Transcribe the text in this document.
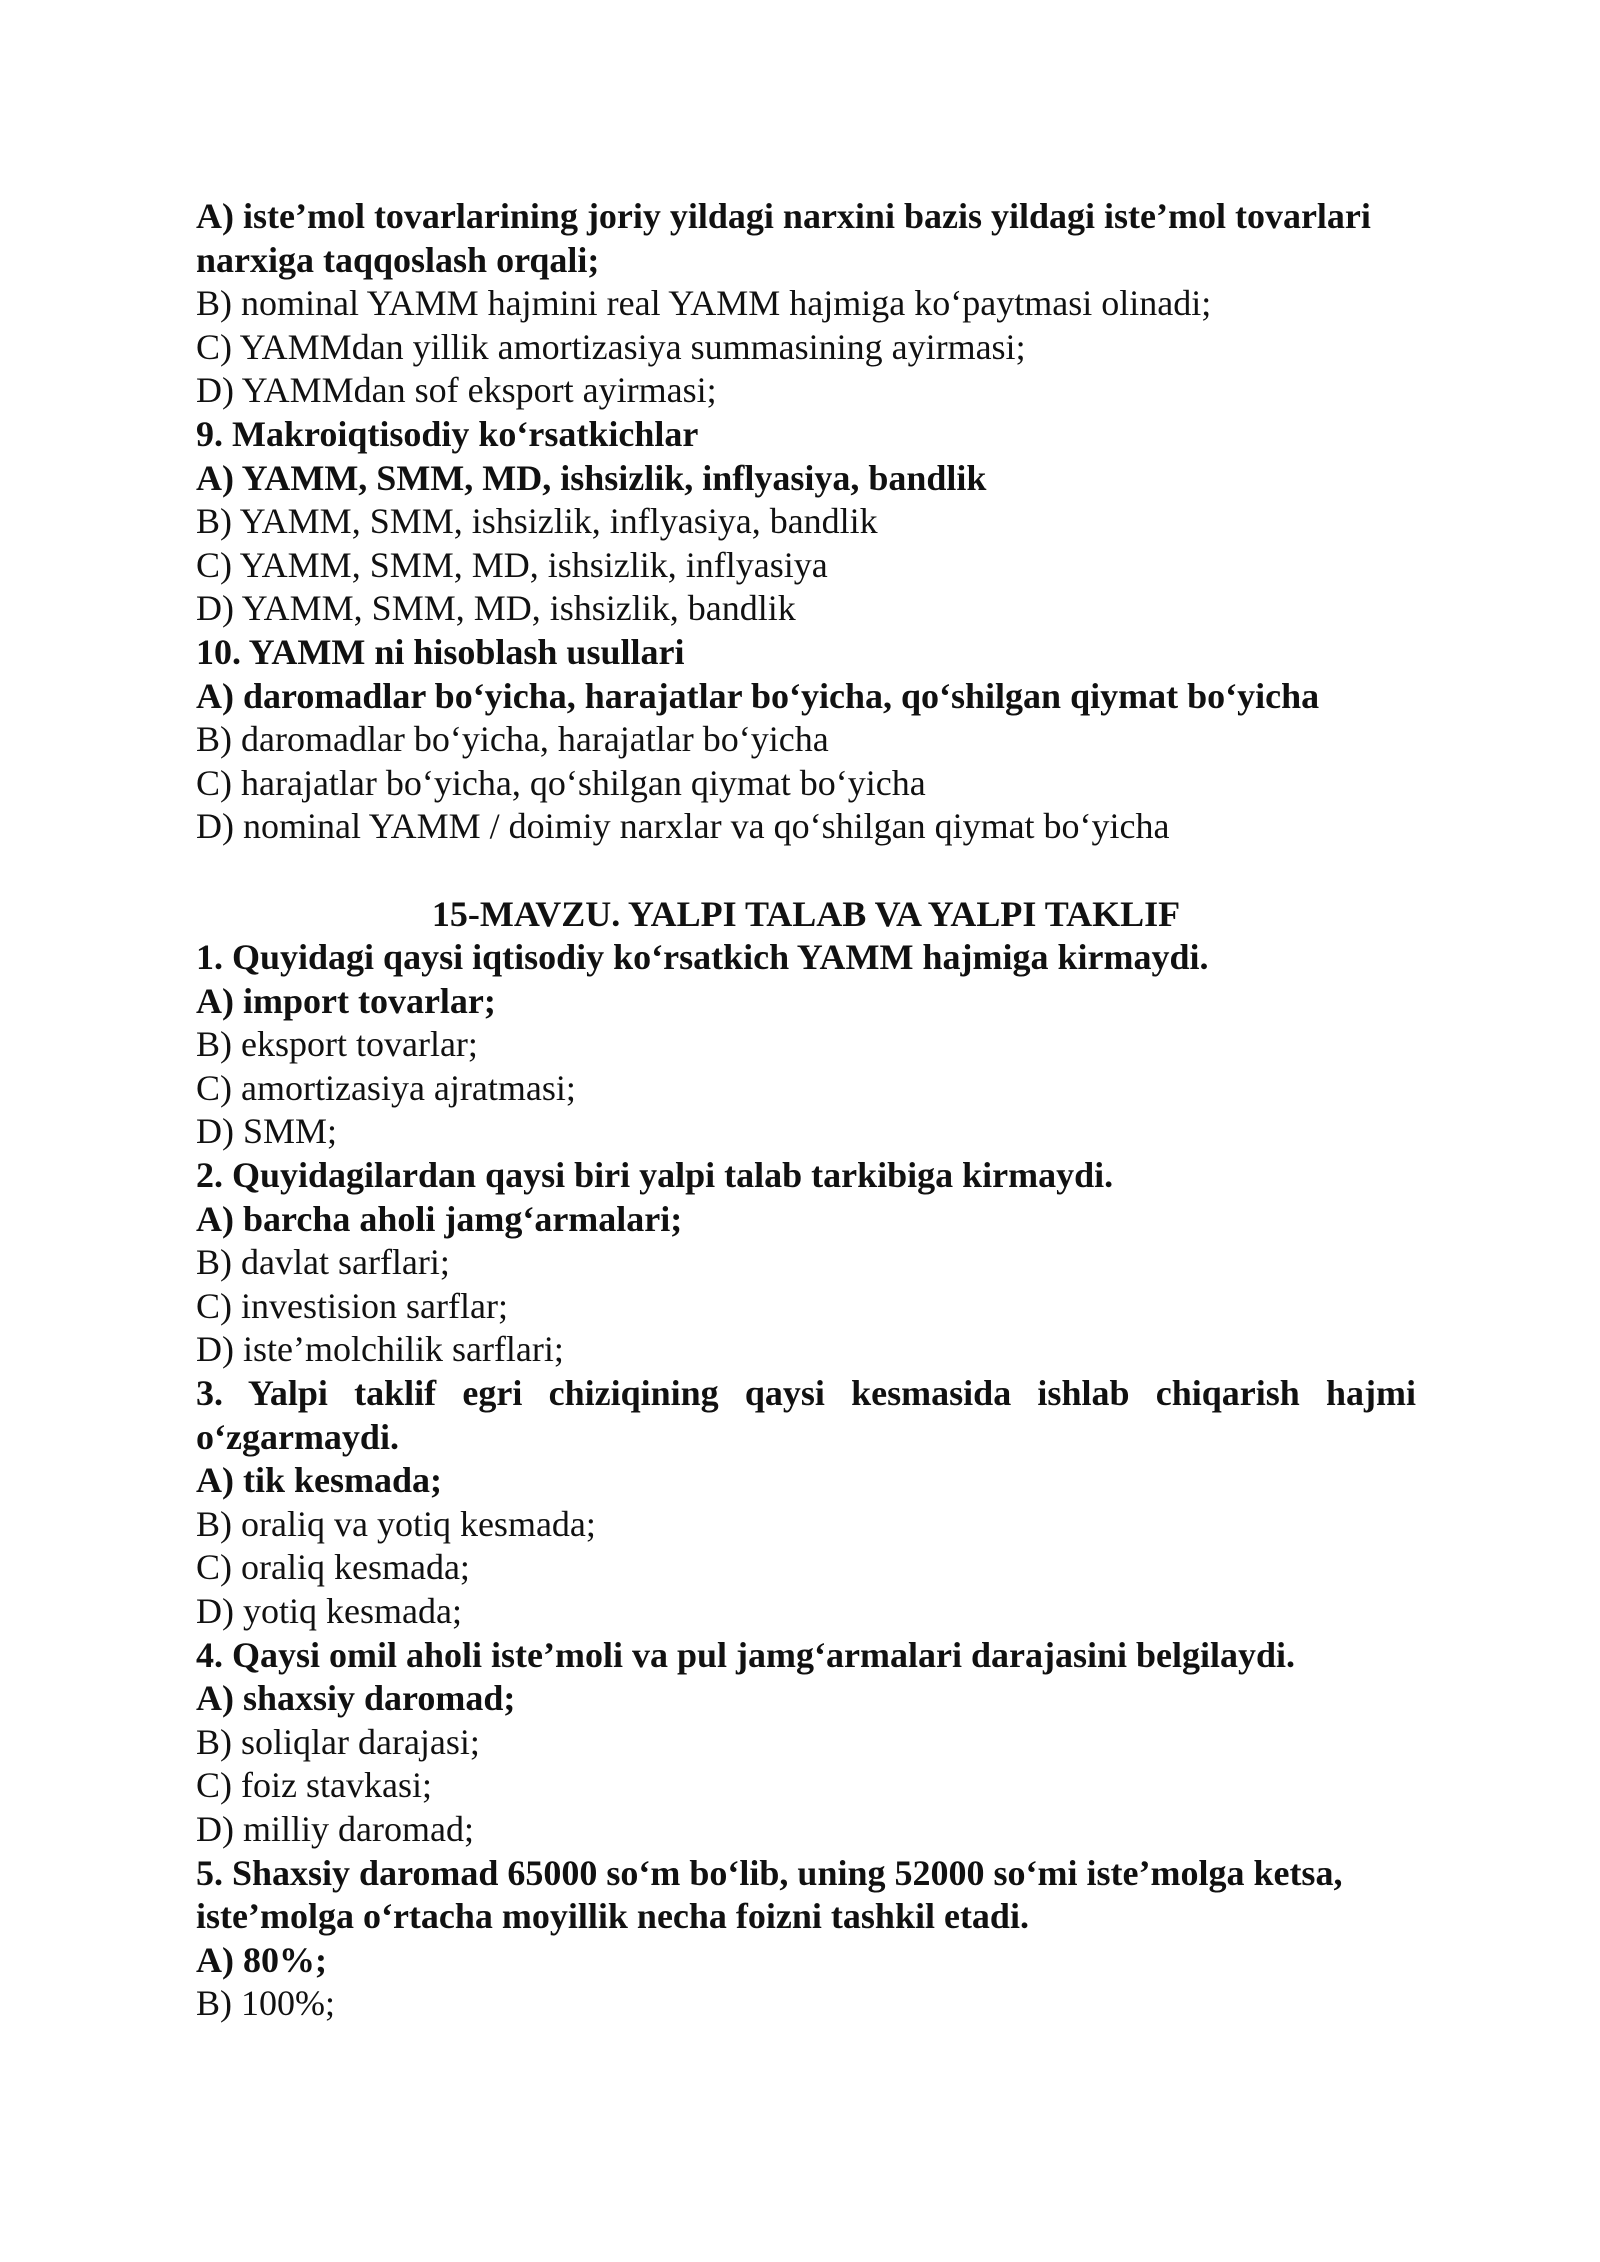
A) iste’mol tovarlarining joriy yildagi narxini bazis yildagi iste’mol tovarlari
narxiga taqqoslash orqali;
B) nominal YAMM hajmini real YAMM hajmiga ko‘paytmasi olinadi;
C) YAMMdan yillik amortizasiya summasining ayirmasi;
D) YAMMdan sof eksport ayirmasi;
9. Makroiqtisodiy ko‘rsatkichlar
A) YAMM, SMM, MD, ishsizlik, inflyasiya, bandlik
B) YAMM, SMM, ishsizlik, inflyasiya, bandlik
C) YAMM, SMM, MD, ishsizlik, inflyasiya
D) YAMM, SMM, MD, ishsizlik, bandlik
10. YAMM ni hisoblash usullari
A) daromadlar bo‘yicha, harajatlar bo‘yicha, qo‘shilgan qiymat bo‘yicha
B) daromadlar bo‘yicha, harajatlar bo‘yicha
C) harajatlar bo‘yicha, qo‘shilgan qiymat bo‘yicha
D) nominal YAMM / doimiy narxlar va qo‘shilgan qiymat bo‘yicha
15-MAVZU. YALPI TALAB VA YALPI TAKLIF
1. Quyidagi qaysi iqtisodiy ko‘rsatkich YAMM hajmiga kirmaydi.
A) import tovarlar;
B) eksport tovarlar;
C) amortizasiya ajratmasi;
D) SMM;
2. Quyidagilardan qaysi biri yalpi talab tarkibiga kirmaydi.
A) barcha aholi jamg‘armalari;
B) davlat sarflari;
C) investision sarflar;
D) iste’molchilik sarflari;
3. Yalpi taklif egri chiziqining qaysi kesmasida ishlab chiqarish hajmi
o‘zgarmaydi.
A) tik kesmada;
B) oraliq va yotiq kesmada;
C) oraliq kesmada;
D) yotiq kesmada;
4. Qaysi omil aholi iste’moli va pul jamg‘armalari darajasini belgilaydi.
A) shaxsiy daromad;
B) soliqlar darajasi;
C) foiz stavkasi;
D) milliy daromad;
5. Shaxsiy daromad 65000 so‘m bo‘lib, uning 52000 so‘mi iste’molga ketsa,
iste’molga o‘rtacha moyillik necha foizni tashkil etadi.
A) 80%;
B) 100%;
